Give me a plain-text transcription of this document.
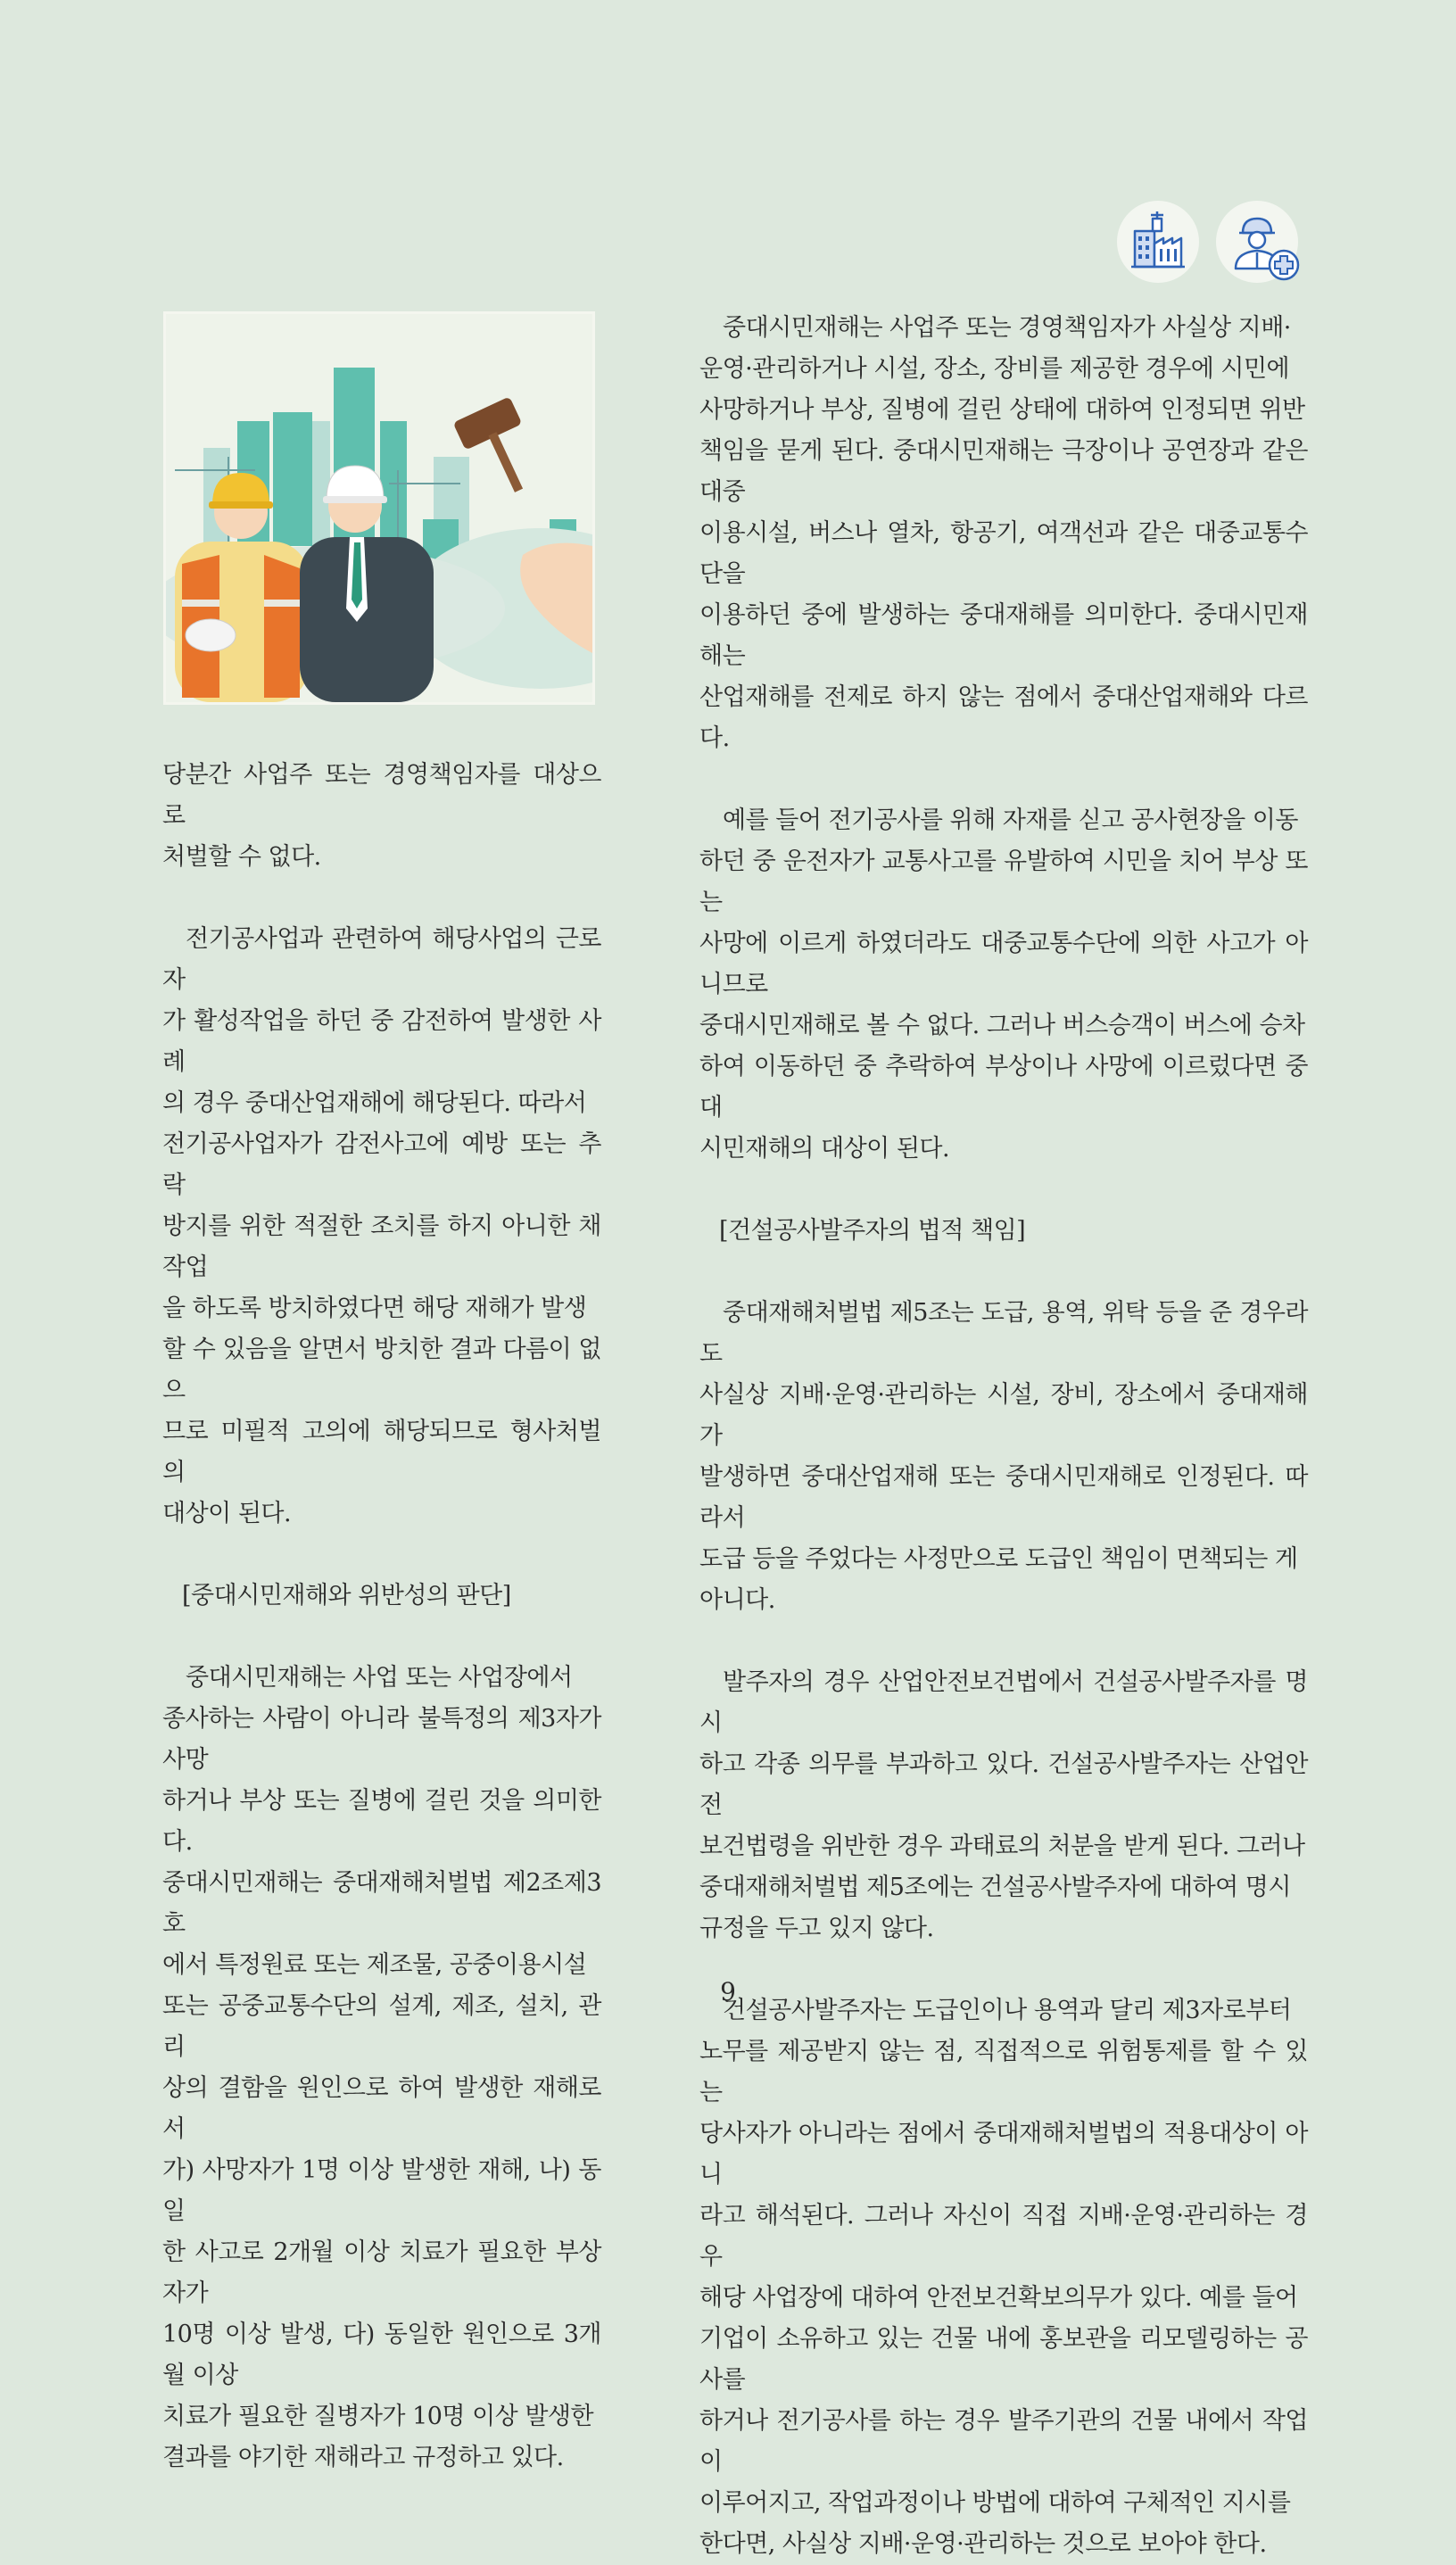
당분간 사업주 또는 경영책임자를 대상으로
처벌할 수 없다.

전기공사업과 관련하여 해당사업의 근로자
가 활성작업을 하던 중 감전하여 발생한 사례
의 경우 중대산업재해에 해당된다. 따라서
전기공사업자가 감전사고에 예방 또는 추락
방지를 위한 적절한 조치를 하지 아니한 채 작업
을 하도록 방치하였다면 해당 재해가 발생
할 수 있음을 알면서 방치한 결과 다름이 없으
므로 미필적 고의에 해당되므로 형사처벌의
대상이 된다.

[중대시민재해와 위반성의 판단]

중대시민재해는 사업 또는 사업장에서
종사하는 사람이 아니라 불특정의 제3자가 사망
하거나 부상 또는 질병에 걸린 것을 의미한다.
중대시민재해는 중대재해처벌법 제2조제3호
에서 특정원료 또는 제조물, 공중이용시설
또는 공중교통수단의 설계, 제조, 설치, 관리
상의 결함을 원인으로 하여 발생한 재해로서
가) 사망자가 1명 이상 발생한 재해, 나) 동일
한 사고로 2개월 이상 치료가 필요한 부상자가
10명 이상 발생, 다) 동일한 원인으로 3개월 이상
치료가 필요한 질병자가 10명 이상 발생한
결과를 야기한 재해라고 규정하고 있다.

중대시민재해는 사업주 또는 경영책임자가 사실상 지배·
운영·관리하거나 시설, 장소, 장비를 제공한 경우에 시민에
사망하거나 부상, 질병에 걸린 상태에 대하여 인정되면 위반
책임을 묻게 된다. 중대시민재해는 극장이나 공연장과 같은 대중
이용시설, 버스나 열차, 항공기, 여객선과 같은 대중교통수단을
이용하던 중에 발생하는 중대재해를 의미한다. 중대시민재해는
산업재해를 전제로 하지 않는 점에서 중대산업재해와 다르다.

예를 들어 전기공사를 위해 자재를 싣고 공사현장을 이동
하던 중 운전자가 교통사고를 유발하여 시민을 치어 부상 또는
사망에 이르게 하였더라도 대중교통수단에 의한 사고가 아니므로
중대시민재해로 볼 수 없다. 그러나 버스승객이 버스에 승차
하여 이동하던 중 추락하여 부상이나 사망에 이르렀다면 중대
시민재해의 대상이 된다.

[건설공사발주자의 법적 책임]

중대재해처벌법 제5조는 도급, 용역, 위탁 등을 준 경우라도
사실상 지배·운영·관리하는 시설, 장비, 장소에서 중대재해가
발생하면 중대산업재해 또는 중대시민재해로 인정된다. 따라서
도급 등을 주었다는 사정만으로 도급인 책임이 면책되는 게
아니다.

발주자의 경우 산업안전보건법에서 건설공사발주자를 명시
하고 각종 의무를 부과하고 있다. 건설공사발주자는 산업안전
보건법령을 위반한 경우 과태료의 처분을 받게 된다. 그러나
중대재해처벌법 제5조에는 건설공사발주자에 대하여 명시
규정을 두고 있지 않다.

건설공사발주자는 도급인이나 용역과 달리 제3자로부터
노무를 제공받지 않는 점, 직접적으로 위험통제를 할 수 있는
당사자가 아니라는 점에서 중대재해처벌법의 적용대상이 아니
라고 해석된다. 그러나 자신이 직접 지배·운영·관리하는 경우
해당 사업장에 대하여 안전보건확보의무가 있다. 예를 들어
기업이 소유하고 있는 건물 내에 홍보관을 리모델링하는 공사를
하거나 전기공사를 하는 경우 발주기관의 건물 내에서 작업이
이루어지고, 작업과정이나 방법에 대하여 구체적인 지시를
한다면, 사실상 지배·운영·관리하는 것으로 보아야 한다.

9
